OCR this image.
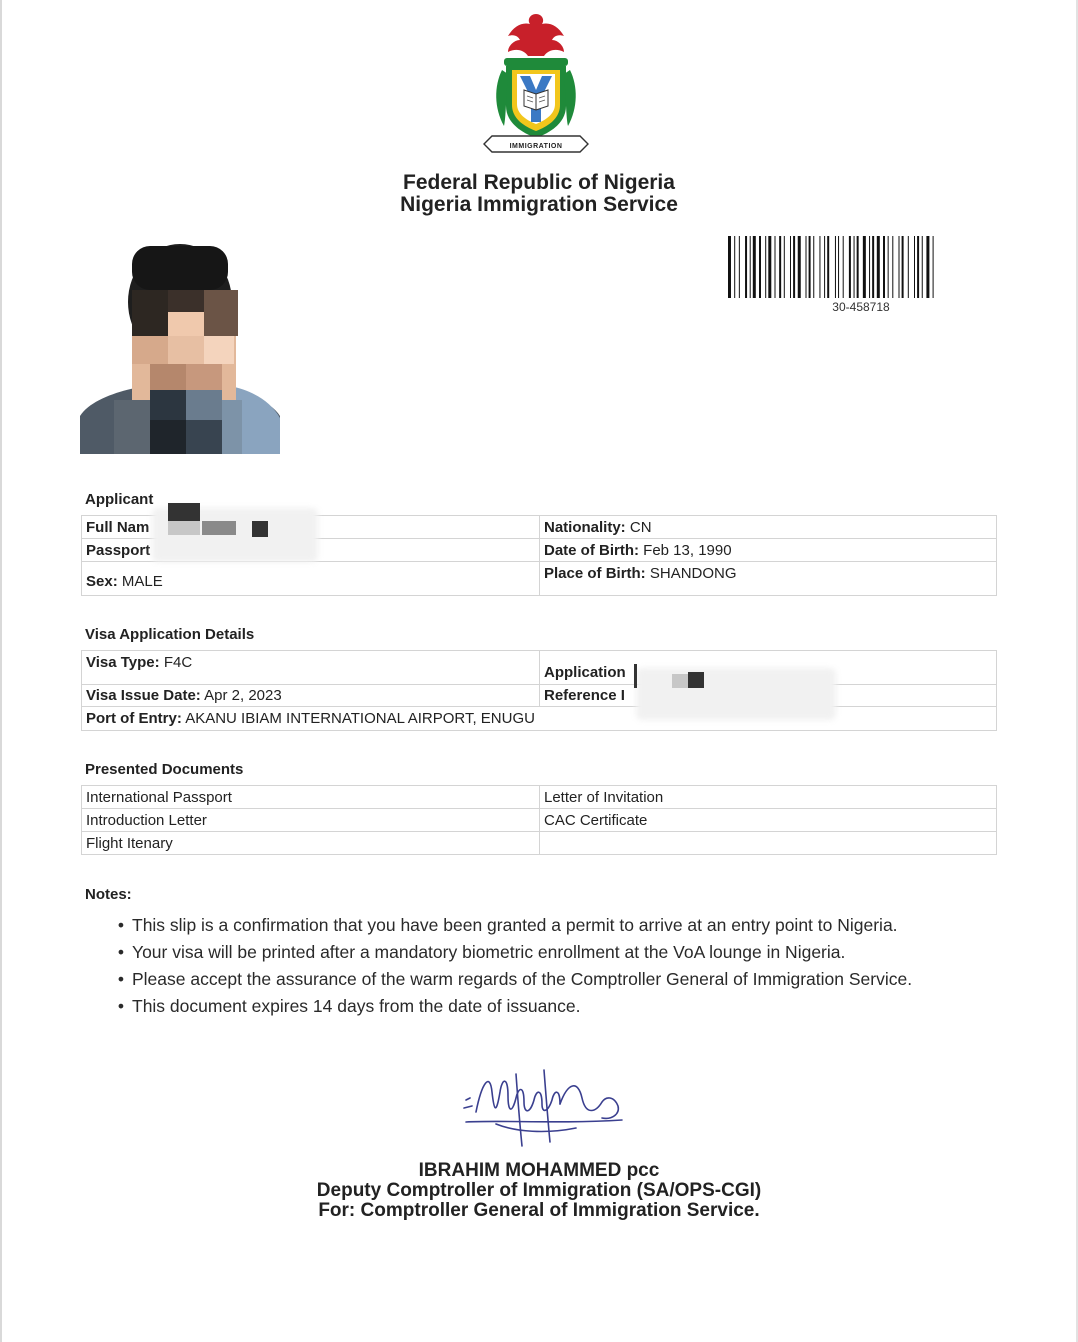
IMMIGRATION
Federal Republic of Nigeria
Nigeria Immigration Service
30-458718
Applicant
Full Nam	Nationality: CN
Passport	Date of Birth: Feb 13, 1990
Sex: MALE	Place of Birth: SHANDONG
Visa Application Details
Visa Type: F4C	Application
Visa Issue Date: Apr 2, 2023	Reference I
Port of Entry: AKANU IBIAM INTERNATIONAL AIRPORT, ENUGU	
Presented Documents
International Passport	Letter of Invitation
Introduction Letter	CAC Certificate
Flight Itenary	
Notes:
• This slip is a confirmation that you have been granted a permit to arrive at an entry point to Nigeria.
• Your visa will be printed after a mandatory biometric enrollment at the VoA lounge in Nigeria.
• Please accept the assurance of the warm regards of the Comptroller General of Immigration Service.
• This document expires 14 days from the date of issuance.
IBRAHIM MOHAMMED pcc
Deputy Comptroller of Immigration (SA/OPS-CGI)
For: Comptroller General of Immigration Service.
